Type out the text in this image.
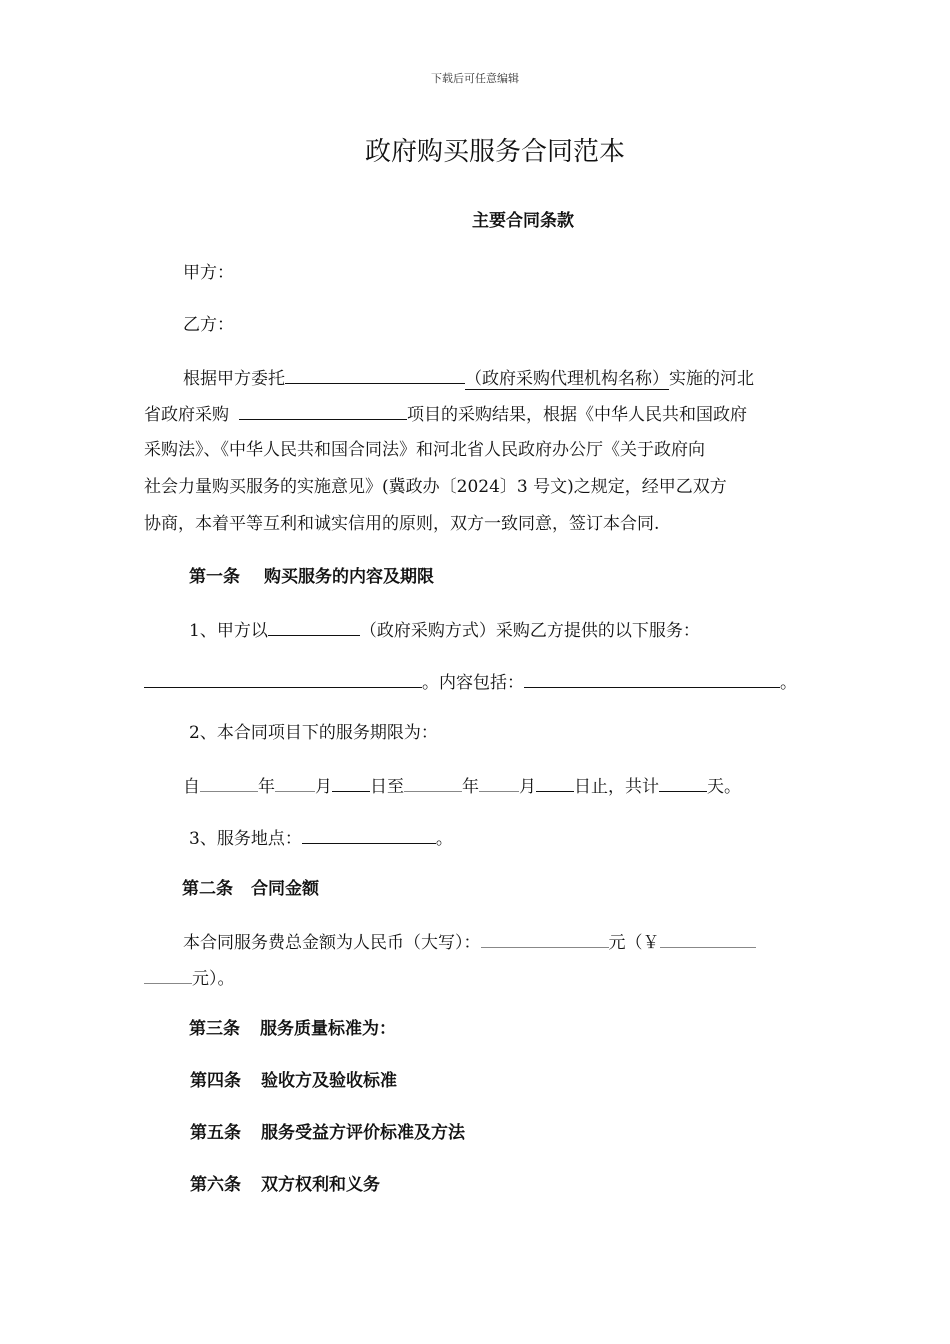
下载后可任意编辑
政府购买服务合同范本
主要合同条款
甲方：
乙方：
根据甲方委托	（政府采购代理机构名称）实施的河北
省政府采购	项目的采购结果，根据《中华人民共和国政府
采购法》、《中华人民共和国合同法》和河北省人民政府办公厅《关于政府向
社会力量购买服务的实施意见》(冀政办〔2024〕3 号文)之规定，经甲乙双方
协商，本着平等互利和诚实信用的原则，双方一致同意，签订本合同.
第一条 购买服务的内容及期限
1、甲方以	（政府采购方式）采购乙方提供的以下服务：
。内容包括：	。
2、本合同项目下的服务期限为：
自	年 月 日至	年 月 日止，共计	天。
3、服务地点：	。
第二条 合同金额
本合同服务费总金额为人民币（大写）：	元（￥
元）。
第三条 服务质量标准为：
第四条 验收方及验收标准
第五条 服务受益方评价标准及方法
第六条 双方权利和义务
